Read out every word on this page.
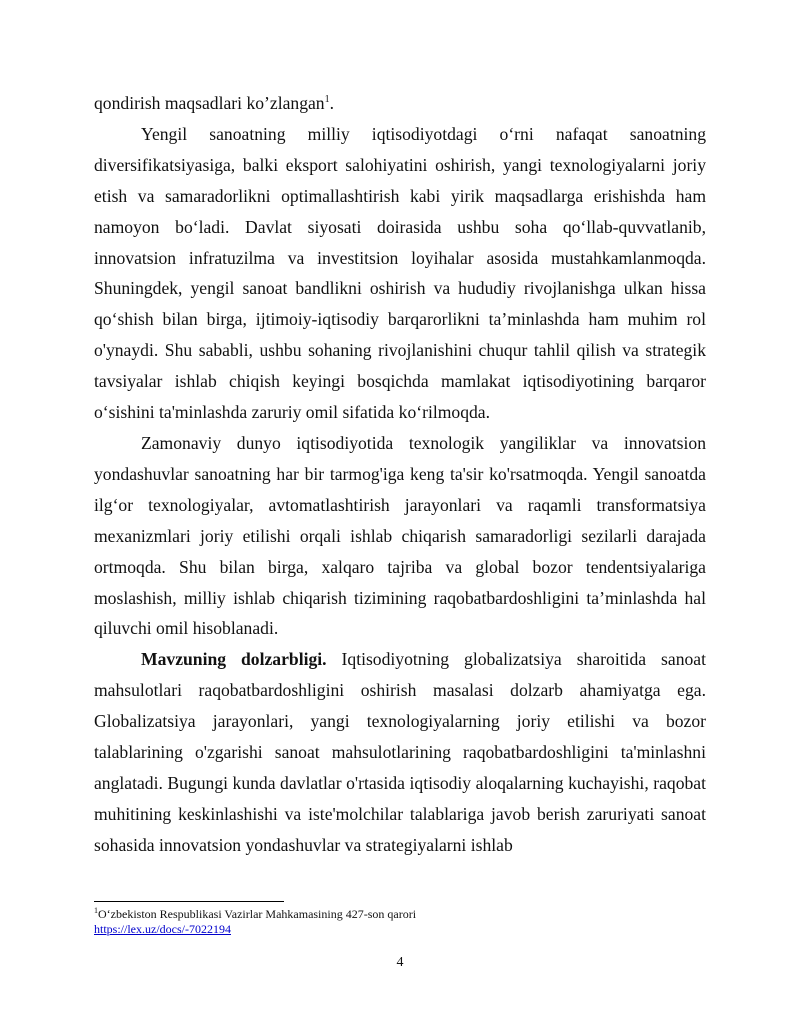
qondirish maqsadlari ko’zlangan$^1$.

Yengil sanoatning milliy iqtisodiyotdagi o‘rni nafaqat sanoatning diversifikatsiyasiga, balki eksport salohiyatini oshirish, yangi texnologiyalarni joriy etish va samaradorlikni optimallashtirish kabi yirik maqsadlarga erishishda ham namoyon bo‘ladi. Davlat siyosati doirasida ushbu soha qo‘llab-quvvatlanib, innovatsion infratuzilma va investitsion loyihalar asosida mustahkamlanmoqda. Shuningdek, yengil sanoat bandlikni oshirish va hududiy rivojlanishga ulkan hissa qo‘shish bilan birga, ijtimoiy-iqtisodiy barqarorlikni ta’minlashda ham muhim rol o'ynaydi. Shu sababli, ushbu sohaning rivojlanishini chuqur tahlil qilish va strategik tavsiyalar ishlab chiqish keyingi bosqichda mamlakat iqtisodiyotining barqaror o‘sishini ta'minlashda zaruriy omil sifatida ko‘rilmoqda.

Zamonaviy dunyo iqtisodiyotida texnologik yangiliklar va innovatsion yondashuvlar sanoatning har bir tarmog'iga keng ta'sir ko'rsatmoqda. Yengil sanoatda ilg‘or texnologiyalar, avtomatlashtirish jarayonlari va raqamli transformatsiya mexanizmlari joriy etilishi orqali ishlab chiqarish samaradorligi sezilarli darajada ortmoqda. Shu bilan birga, xalqaro tajriba va global bozor tendentsiyalariga moslashish, milliy ishlab chiqarish tizimining raqobatbardoshligini ta’minlashda hal qiluvchi omil hisoblanadi.

Mavzuning dolzarbligi. Iqtisodiyotning globalizatsiya sharoitida sanoat mahsulotlari raqobatbardoshligini oshirish masalasi dolzarb ahamiyatga ega. Globalizatsiya jarayonlari, yangi texnologiyalarning joriy etilishi va bozor talablarining o'zgarishi sanoat mahsulotlarining raqobatbardoshligini ta'minlashni anglatadi. Bugungi kunda davlatlar o'rtasida iqtisodiy aloqalarning kuchayishi, raqobat muhitining keskinlashishi va iste'molchilar talablariga javob berish zaruriyati sanoat sohasida innovatsion yondashuvlar va strategiyalarni ishlab

$^1$O‘zbekiston Respublikasi Vazirlar Mahkamasining 427-son qarori
https://lex.uz/docs/-7022194
4
